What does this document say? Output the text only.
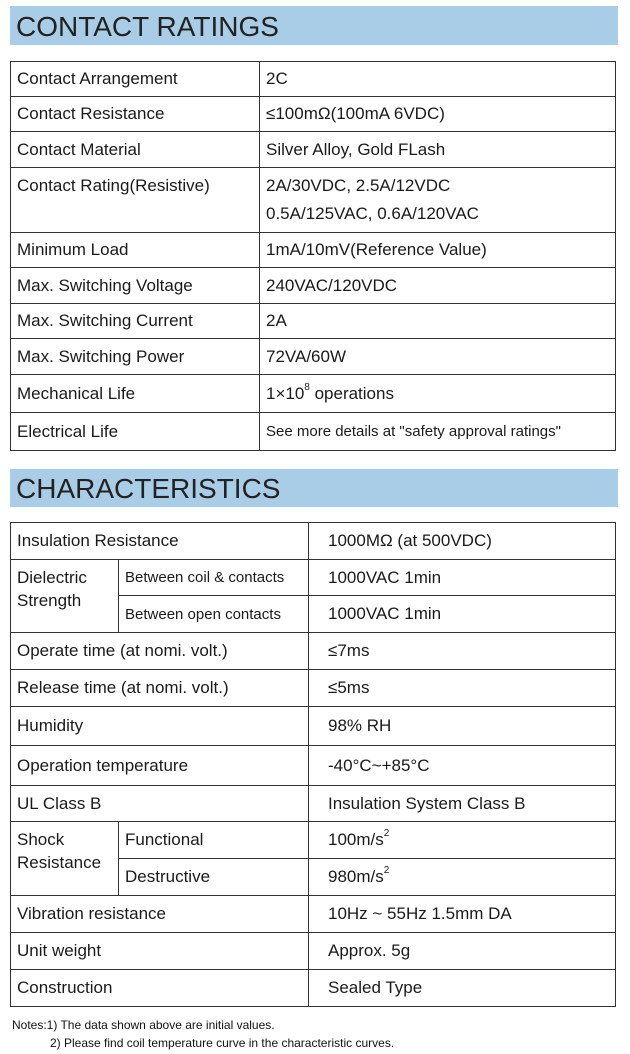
CONTACT RATINGS
Contact Arrangement	2C
Contact Resistance	≤100mΩ(100mA 6VDC)
Contact Material	Silver Alloy, Gold FLash
Contact Rating(Resistive)	2A/30VDC, 2.5A/12VDC
0.5A/125VAC, 0.6A/120VAC

Minimum Load	1mA/10mV(Reference Value)
Max. Switching Voltage	240VAC/120VDC
Max. Switching Current	2A
Max. Switching Power	72VA/60W
Mechanical Life	$1\times 10^8$ operations
Electrical Life	See more details at "safety approval ratings"
CHARACTERISTICS
Insulation Resistance		1000MΩ (at 500VDC)

Dielectric
Strength	Between coil & contacts	1000VAC 1min
	Between open contacts	1000VAC 1min
Operate time (at nomi. volt.)		≤7ms
Release time (at nomi. volt.)		≤5ms
Humidity		98% RH
Operation temperature		-40°C~+85°C
UL Class B		Insulation System Class B

Shock
Resistance	Functional	$100m/s^2$
	Destructive	$980m/s^2$
Vibration resistance		10Hz ~ 55Hz 1.5mm DA
Unit weight		Approx. 5g
Construction		Sealed Type
Notes:1) The data shown above are initial values.
2) Please find coil temperature curve in the characteristic curves.
